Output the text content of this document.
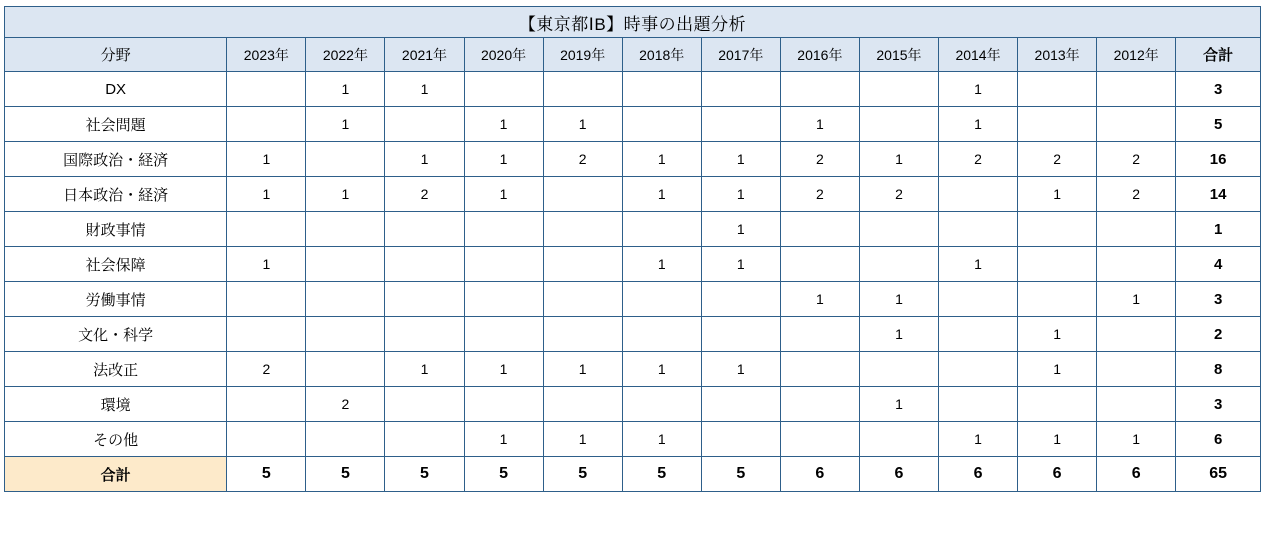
【東京都ⅠB】時事の出題分析													
分野	2023年	2022年	2021年	2020年	2019年	2018年	2017年	2016年	2015年	2014年	2013年	2012年	合計
DX		1	1							1			3
社会問題		1		1	1			1		1			5
国際政治・経済	1		1	1	2	1	1	2	1	2	2	2	16
日本政治・経済	1	1	2	1		1	1	2	2		1	2	14
財政事情							1						1
社会保障	1					1	1			1			4
労働事情								1	1			1	3
文化・科学									1		1		2
法改正	2		1	1	1	1	1				1		8
環境		2							1				3
その他				1	1	1				1	1	1	6
合計	5	5	5	5	5	5	5	6	6	6	6	6	65
